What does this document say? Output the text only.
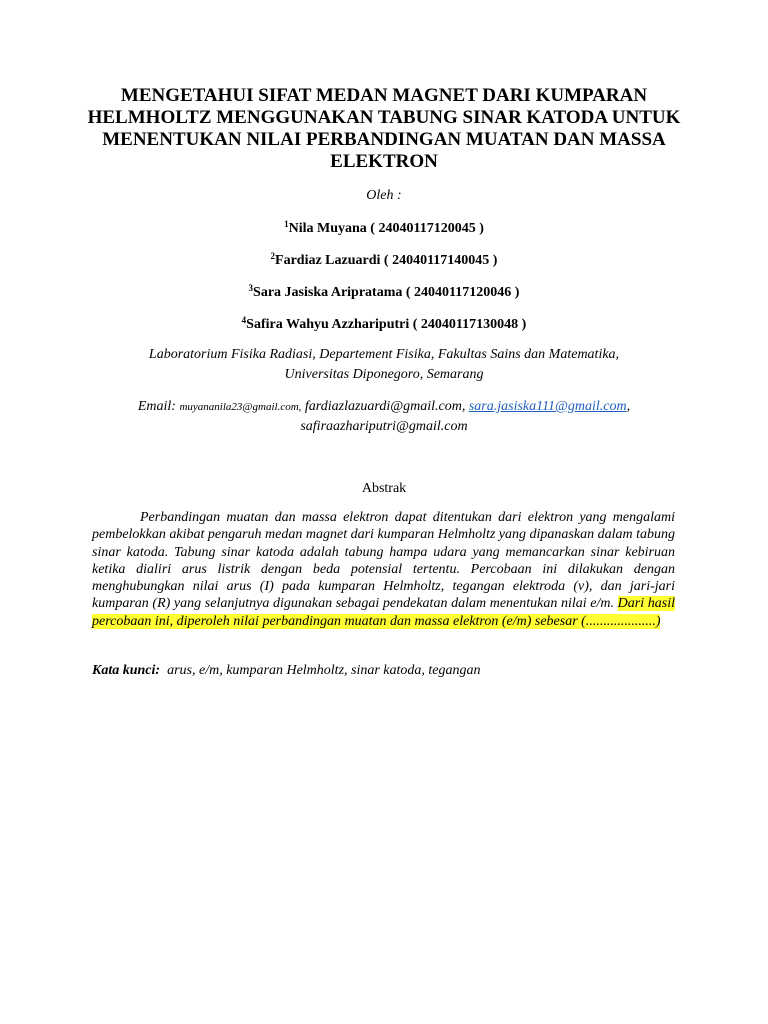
MENGETAHUI SIFAT MEDAN MAGNET DARI KUMPARAN HELMHOLTZ MENGGUNAKAN TABUNG SINAR KATODA UNTUK MENENTUKAN NILAI PERBANDINGAN MUATAN DAN MASSA ELEKTRON

Oleh :

$^1$Nila Muyana ( 24040117120045 )

$^2$Fardiaz Lazuardi ( 24040117140045 )

$^3$Sara Jasiska Aripratama ( 24040117120046 )

$^4$Safira Wahyu Azzhariputri ( 24040117130048 )

Laboratorium Fisika Radiasi, Departement Fisika, Fakultas Sains dan Matematika,
Universitas Diponegoro, Semarang

Email: muyananila23@gmail.com, fardiazlazuardi@gmail.com, sara.jasiska111@gmail.com,
safiraazhariputri@gmail.com

Abstrak

Perbandingan muatan dan massa elektron dapat ditentukan dari elektron yang mengalami pembelokkan akibat pengaruh medan magnet dari kumparan Helmholtz yang dipanaskan dalam tabung sinar katoda. Tabung sinar katoda adalah tabung hampa udara yang memancarkan sinar kebiruan ketika dialiri arus listrik dengan beda potensial tertentu. Percobaan ini dilakukan dengan menghubungkan nilai arus (I) pada kumparan Helmholtz, tegangan elektroda (v), dan jari-jari kumparan (R) yang selanjutnya digunakan sebagai pendekatan dalam menentukan nilai e/m. Dari hasil percobaan ini, diperoleh nilai perbandingan muatan dan massa elektron (e/m) sebesar (....................)

Kata kunci: arus, e/m, kumparan Helmholtz, sinar katoda, tegangan
